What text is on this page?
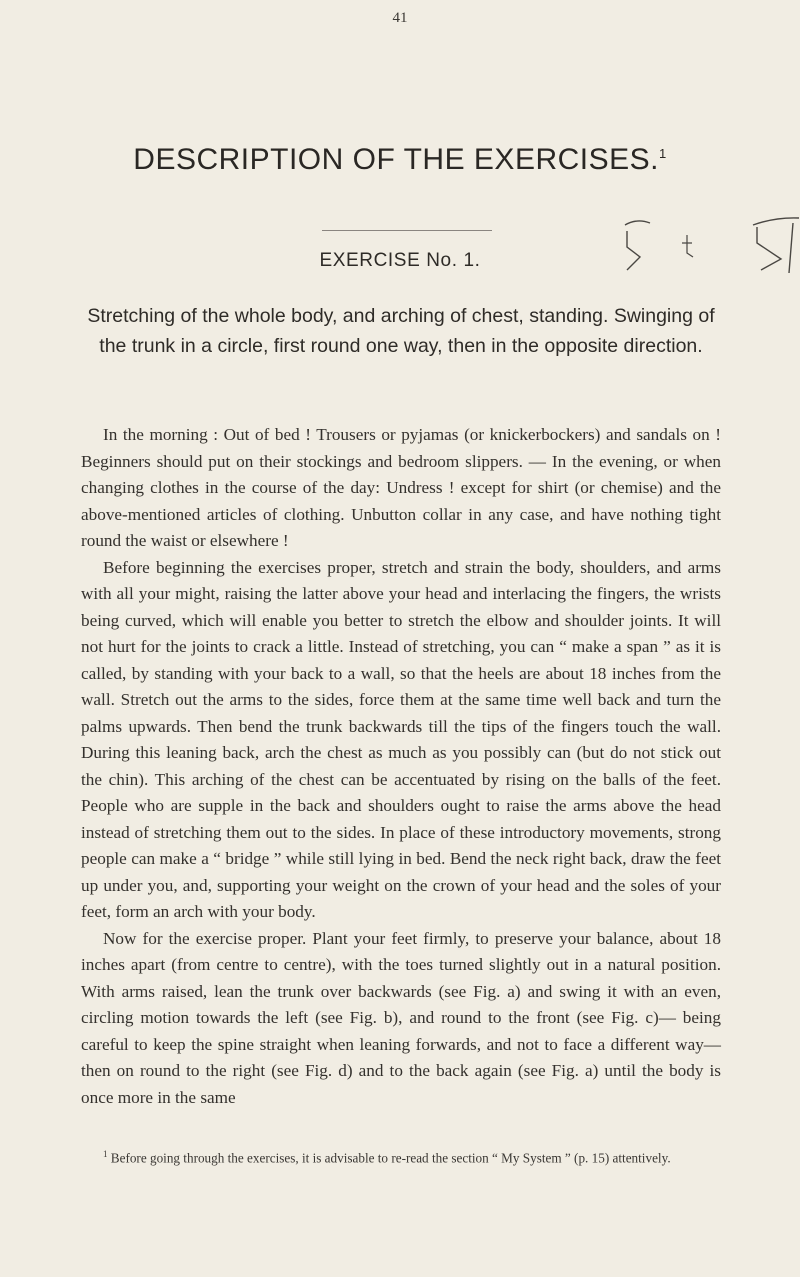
41
DESCRIPTION OF THE EXERCISES.$^1$
EXERCISE No. 1.
Stretching of the whole body, and arching of chest, standing. Swinging of the trunk in a circle, first round one way, then in the opposite direction.

In the morning : Out of bed ! Trousers or pyjamas (or knickerbockers) and sandals on ! Beginners should put on their stockings and bedroom slippers. — In the evening, or when changing clothes in the course of the day: Undress ! except for shirt (or chemise) and the above-mentioned articles of clothing. Unbutton collar in any case, and have nothing tight round the waist or elsewhere !

Before beginning the exercises proper, stretch and strain the body, shoulders, and arms with all your might, raising the latter above your head and interlacing the fingers, the wrists being curved, which will enable you better to stretch the elbow and shoulder joints. It will not hurt for the joints to crack a little. Instead of stretching, you can “ make a span ” as it is called, by standing with your back to a wall, so that the heels are about 18 inches from the wall. Stretch out the arms to the sides, force them at the same time well back and turn the palms upwards. Then bend the trunk backwards till the tips of the fingers touch the wall. During this leaning back, arch the chest as much as you possibly can (but do not stick out the chin). This arching of the chest can be accentuated by rising on the balls of the feet. People who are supple in the back and shoulders ought to raise the arms above the head instead of stretching them out to the sides. In place of these introductory movements, strong people can make a “ bridge ” while still lying in bed. Bend the neck right back, draw the feet up under you, and, supporting your weight on the crown of your head and the soles of your feet, form an arch with your body.

Now for the exercise proper. Plant your feet firmly, to preserve your balance, about 18 inches apart (from centre to centre), with the toes turned slightly out in a natural position. With arms raised, lean the trunk over backwards (see Fig. a) and swing it with an even, circling motion towards the left (see Fig. b), and round to the front (see Fig. c)— being careful to keep the spine straight when leaning forwards, and not to face a different way—then on round to the right (see Fig. d) and to the back again (see Fig. a) until the body is once more in the same

$^1$ Before going through the exercises, it is advisable to re-read the section “ My System ” (p. 15) attentively.
